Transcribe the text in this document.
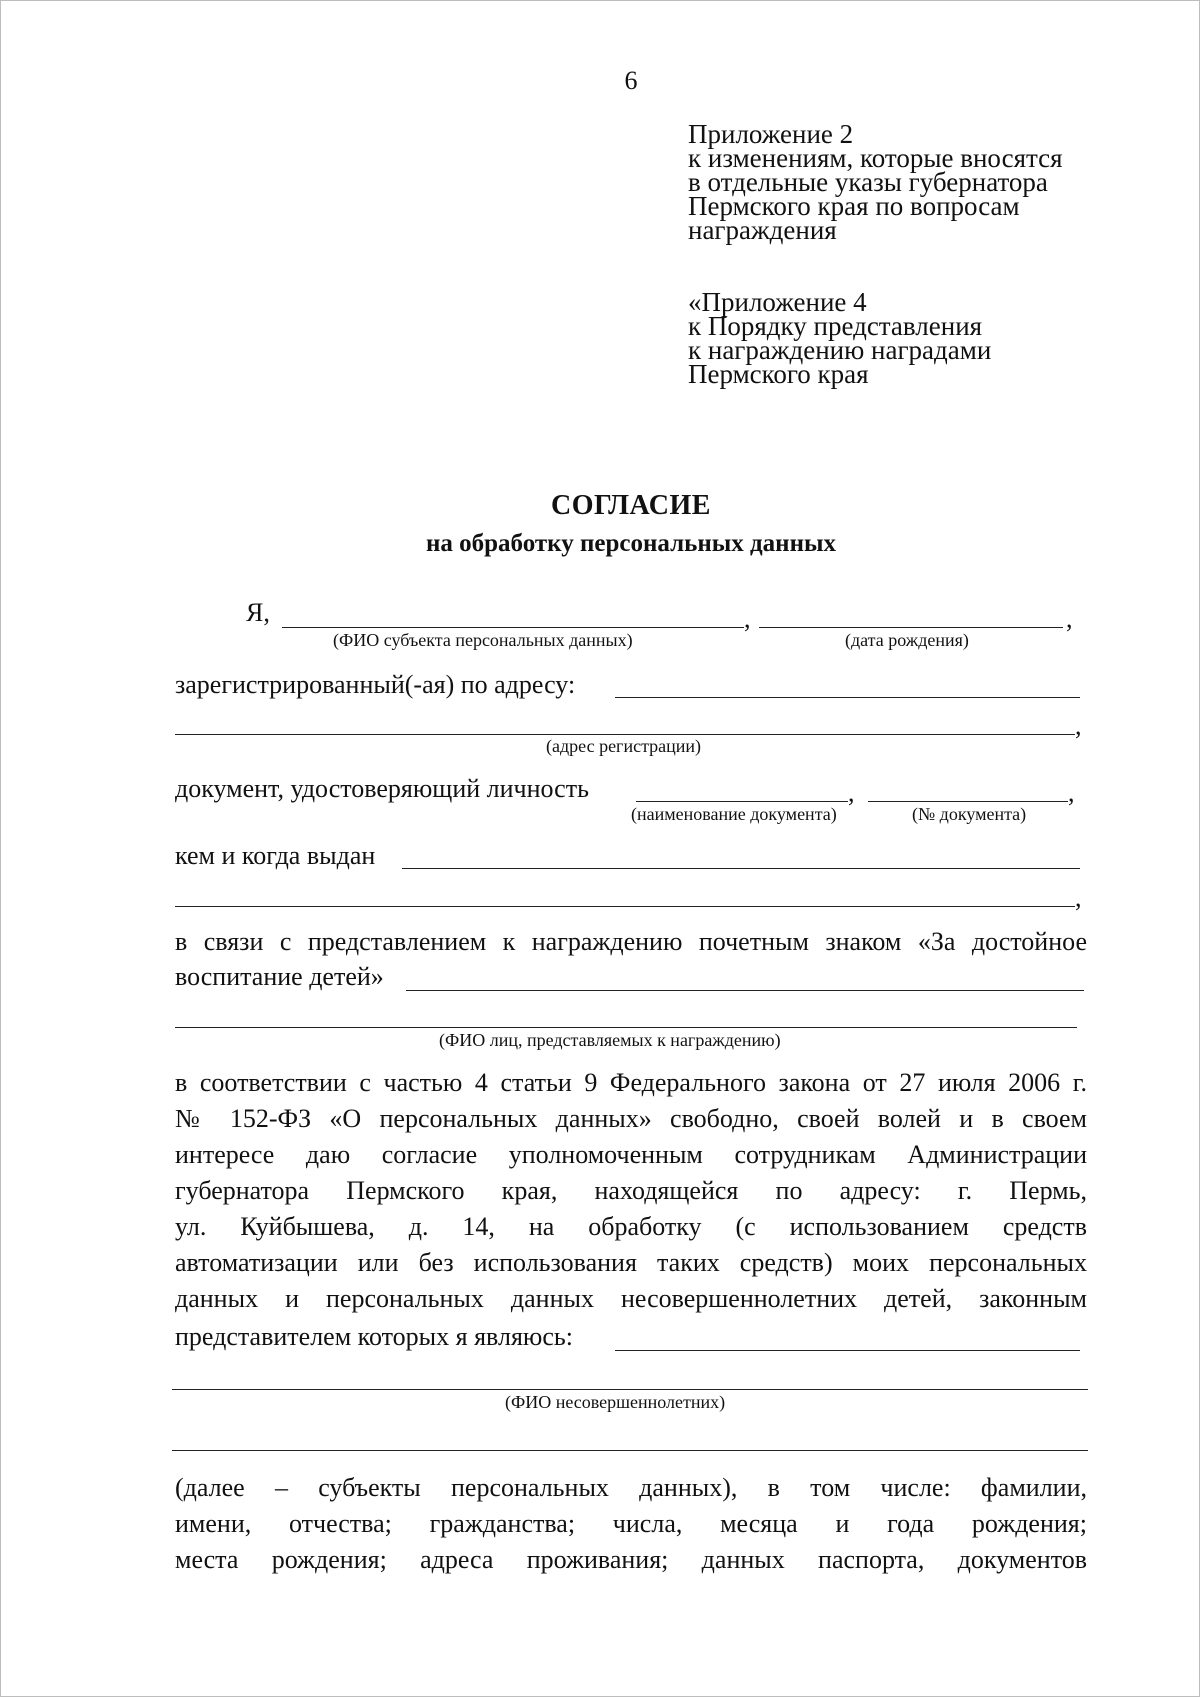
6
Приложение 2
к изменениям, которые вносятся
в отдельные указы губернатора
Пермского края по вопросам
награждения
«Приложение 4
к Порядку представления
к награждению наградами
Пермского края
СОГЛАСИЕ
на обработку персональных данных
Я,	,	,
(ФИО субъекта персональных данных)	(дата рождения)
зарегистрированный(-ая) по адресу:
,
(адрес регистрации)
документ, удостоверяющий личность	,	,
(наименование документа)	(№ документа)
кем и когда выдан
,
в связи с представлением к награждению почетным знаком «За достойное
воспитание детей»
(ФИО лиц, представляемых к награждению)
в соответствии с частью 4 статьи 9 Федерального закона от 27 июля 2006 г.
№ 152-ФЗ «О персональных данных» свободно, своей волей и в своем
интересе даю согласие уполномоченным сотрудникам Администрации
губернатора Пермского края, находящейся по адресу: г. Пермь,
ул. Куйбышева, д. 14, на обработку (с использованием средств
автоматизации или без использования таких средств) моих персональных
данных и персональных данных несовершеннолетних детей, законным
представителем которых я являюсь:
(ФИО несовершеннолетних)
(далее – субъекты персональных данных), в том числе: фамилии,
имени, отчества; гражданства; числа, месяца и года рождения;
места рождения; адреса проживания; данных паспорта, документов
